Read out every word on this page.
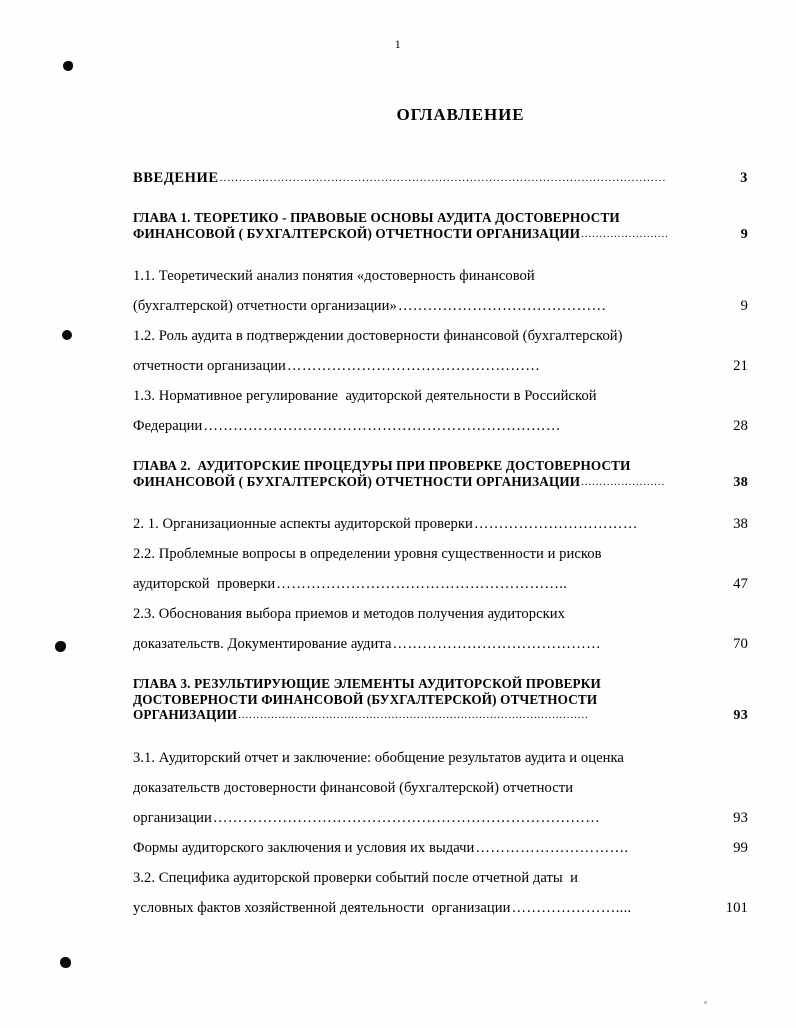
1
ОГЛАВЛЕНИЕ
ВВЕДЕНИЕ ....................................................................................................................	3
ГЛАВА 1. ТЕОРЕТИКО - ПРАВОВЫЕ ОСНОВЫ АУДИТА ДОСТОВЕРНОСТИ
ФИНАНСОВОЙ ( БУХГАЛТЕРСКОЙ) ОТЧЕТНОСТИ ОРГАНИЗАЦИИ ........................	9
1.1. Теоретический анализ понятия «достоверность финансовой
(бухгалтерской) отчетности организации» ……………………………………	9
1.2. Роль аудита в подтверждении достоверности финансовой (бухгалтерской)
отчетности организации ……………………………………………	21
1.3. Нормативное регулирование  аудиторской деятельности в Российской
Федерации ………………………………………………………………	28
ГЛАВА 2.  АУДИТОРСКИЕ ПРОЦЕДУРЫ ПРИ ПРОВЕРКЕ ДОСТОВЕРНОСТИ
ФИНАНСОВОЙ ( БУХГАЛТЕРСКОЙ) ОТЧЕТНОСТИ ОРГАНИЗАЦИИ .......................	38
2. 1. Организационные аспекты аудиторской проверки ……………………………	38
2.2. Проблемные вопросы в определении уровня существенности и рисков
аудиторской  проверки …………………………………………………..	47
2.3. Обоснования выбора приемов и методов получения аудиторских
доказательств. Документирование аудита ……………………………………	70
ГЛАВА 3. РЕЗУЛЬТИРУЮЩИЕ ЭЛЕМЕНТЫ АУДИТОРСКОЙ ПРОВЕРКИ
ДОСТОВЕРНОСТИ ФИНАНСОВОЙ (БУХГАЛТЕРСКОЙ) ОТЧЕТНОСТИ
ОРГАНИЗАЦИИ ................................................................................................	93
3.1. Аудиторский отчет и заключение: обобщение результатов аудита и оценка
доказательств достоверности финансовой (бухгалтерской) отчетности
организации ……………………………………………………………………	93
Формы аудиторского заключения и условия их выдачи ………………………….	99
3.2. Специфика аудиторской проверки событий после отчетной даты  и
условных фактов хозяйственной деятельности  организации …………………....	101
